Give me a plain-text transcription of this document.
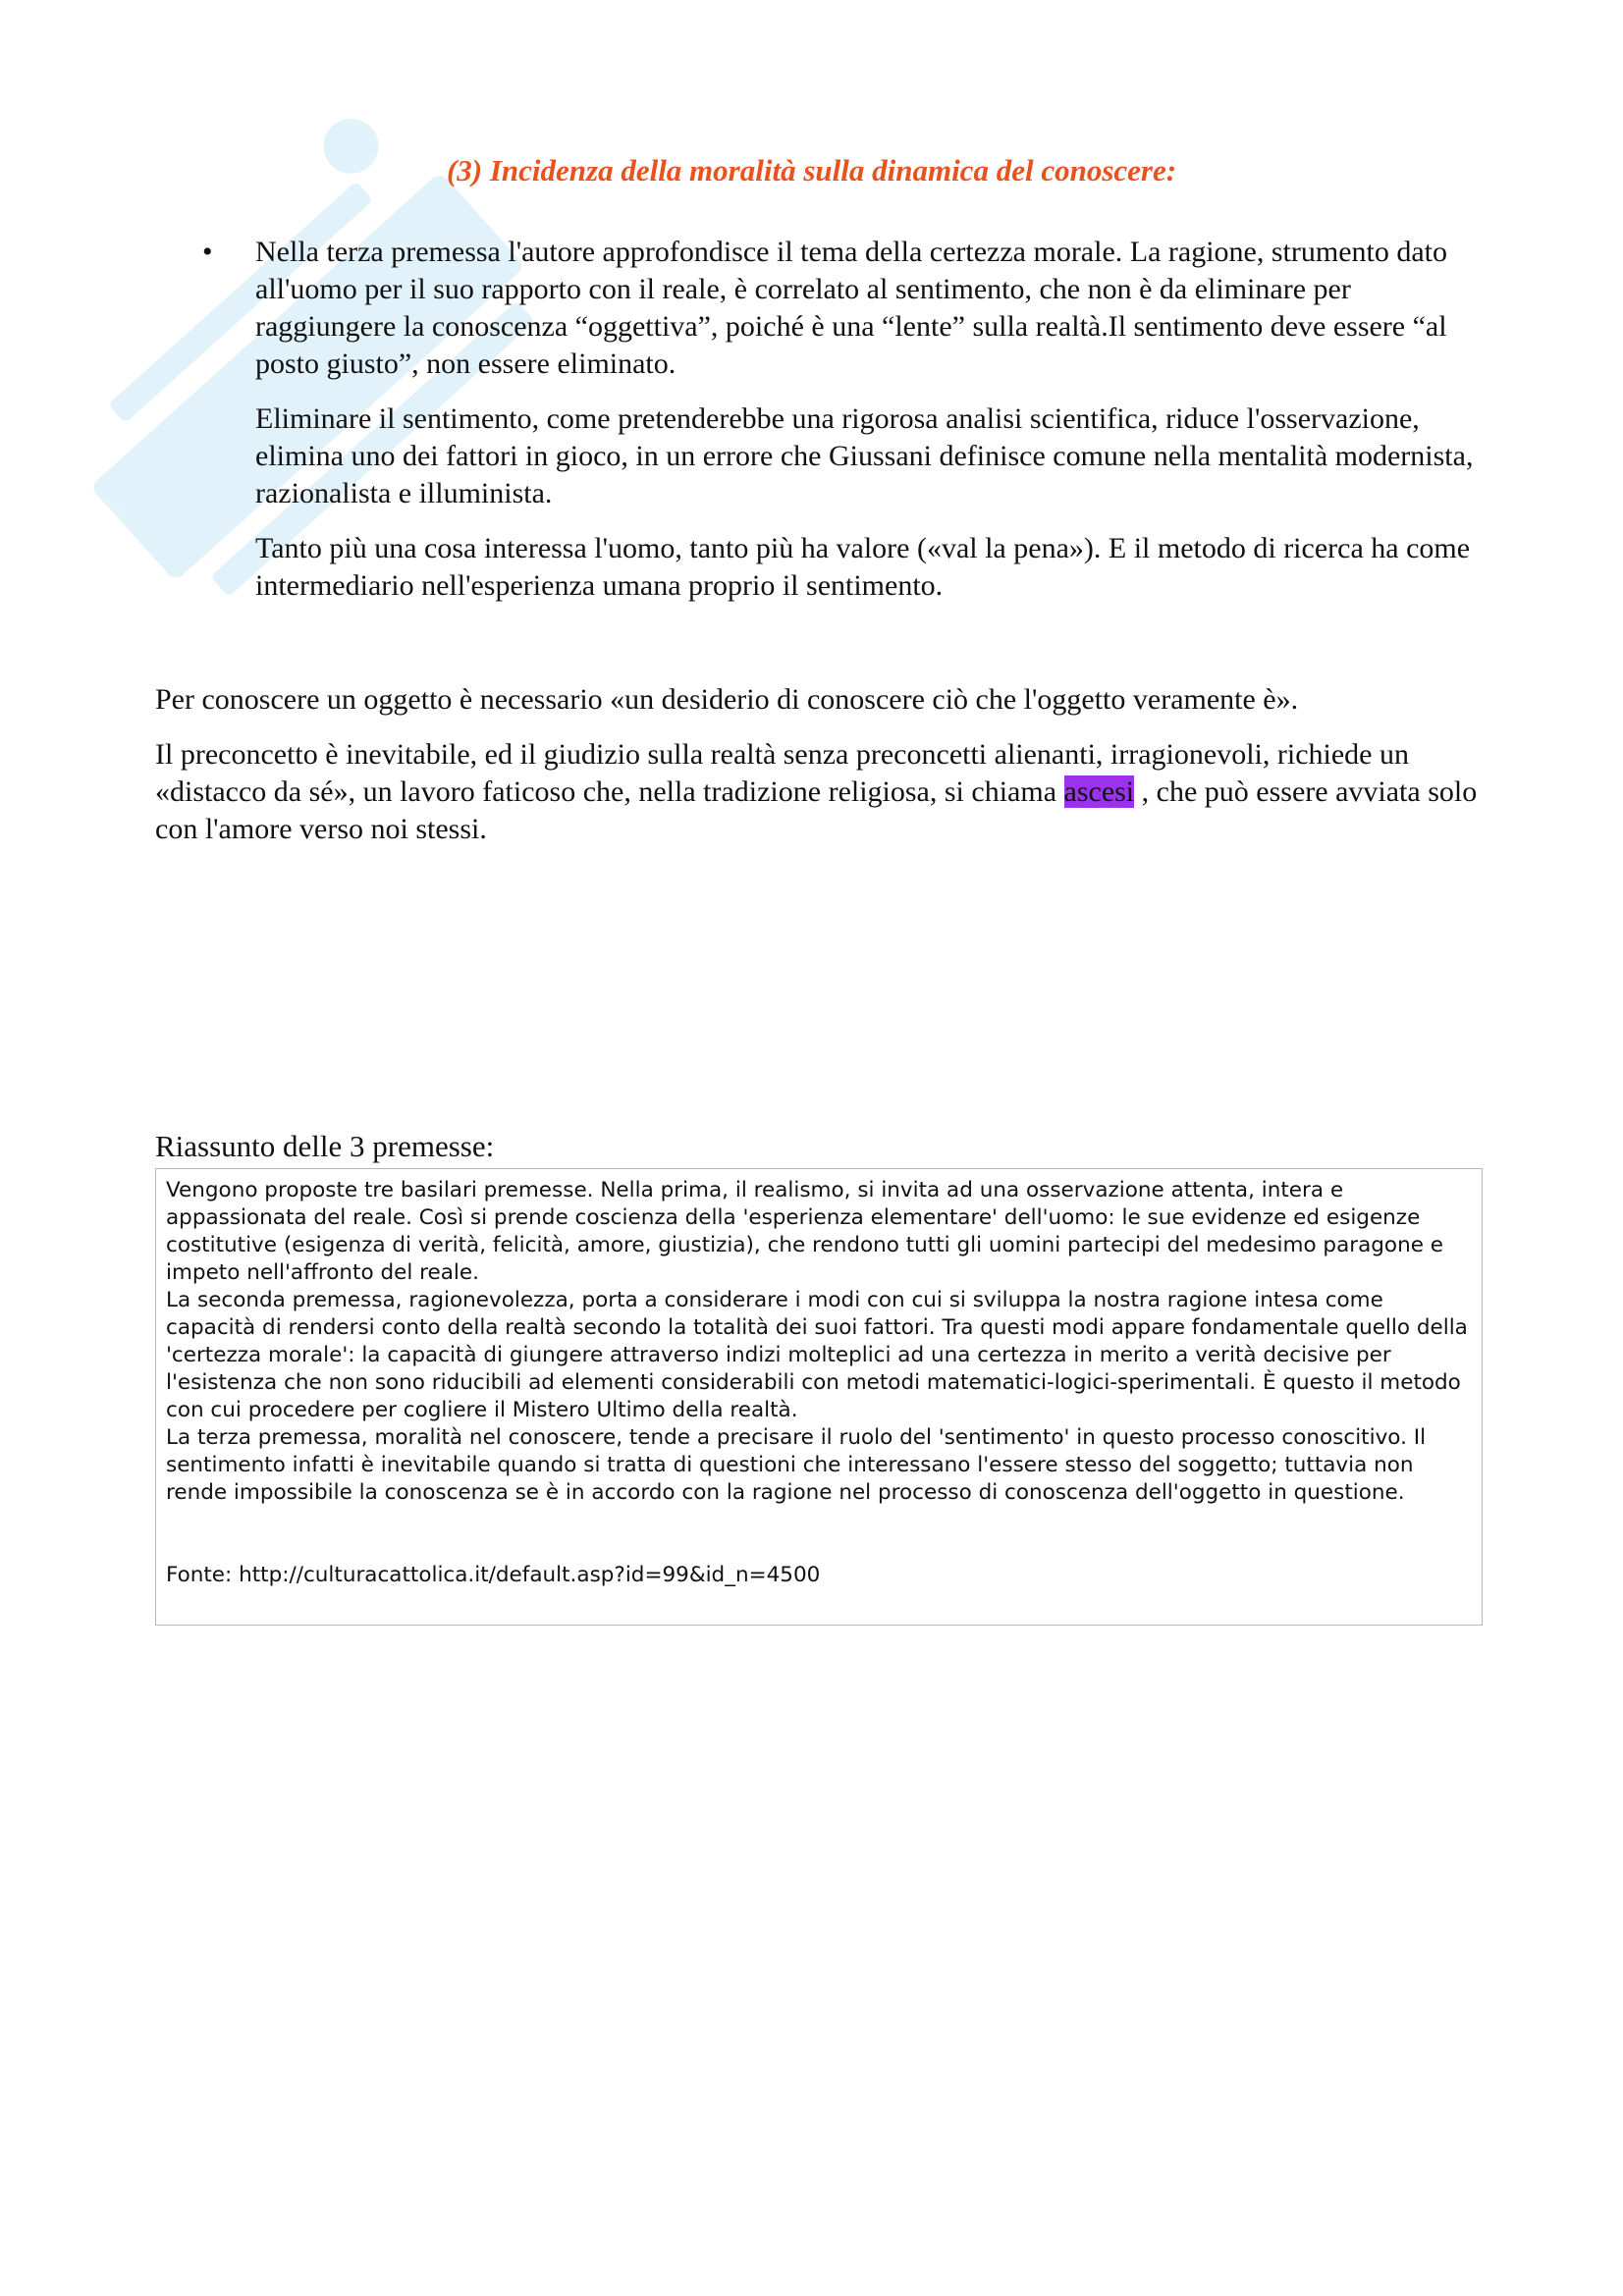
(3) Incidenza della moralità sulla dinamica del conoscere:
• Nella terza premessa l'autore approfondisce il tema della certezza morale. La ragione, strumento dato all'uomo per il suo rapporto con il reale, è correlato al sentimento, che non è da eliminare per raggiungere la conoscenza “oggettiva”, poiché è una “lente” sulla realtà.Il sentimento deve essere “al posto giusto”, non essere eliminato.

Eliminare il sentimento, come pretenderebbe una rigorosa analisi scientifica, riduce l'osservazione, elimina uno dei fattori in gioco, in un errore che Giussani definisce comune nella mentalità modernista, razionalista e illuminista.

Tanto più una cosa interessa l'uomo, tanto più ha valore («val la pena»). E il metodo di ricerca ha come intermediario nell'esperienza umana proprio il sentimento.

Per conoscere un oggetto è necessario «un desiderio di conoscere ciò che l'oggetto veramente è».

Il preconcetto è inevitabile, ed il giudizio sulla realtà senza preconcetti alienanti, irragionevoli, richiede un «distacco da sé», un lavoro faticoso che, nella tradizione religiosa, si chiama ascesi , che può essere avviata solo con l'amore verso noi stessi.

Riassunto delle 3 premesse:

Vengono proposte tre basilari premesse. Nella prima, il realismo, si invita ad una osservazione attenta, intera e appassionata del reale. Così si prende coscienza della 'esperienza elementare' dell'uomo: le sue evidenze ed esigenze costitutive (esigenza di verità, felicità, amore, giustizia), che rendono tutti gli uomini partecipi del medesimo paragone e impeto nell'affronto del reale.

La seconda premessa, ragionevolezza, porta a considerare i modi con cui si sviluppa la nostra ragione intesa come capacità di rendersi conto della realtà secondo la totalità dei suoi fattori. Tra questi modi appare fondamentale quello della 'certezza morale': la capacità di giungere attraverso indizi molteplici ad una certezza in merito a verità decisive per l'esistenza che non sono riducibili ad elementi considerabili con metodi matematici-logici-sperimentali. È questo il metodo con cui procedere per cogliere il Mistero Ultimo della realtà.

La terza premessa, moralità nel conoscere, tende a precisare il ruolo del 'sentimento' in questo processo conoscitivo. Il sentimento infatti è inevitabile quando si tratta di questioni che interessano l'essere stesso del soggetto; tuttavia non rende impossibile la conoscenza se è in accordo con la ragione nel processo di conoscenza dell'oggetto in questione.

Fonte: http://culturacattolica.it/default.asp?id=99&id_n=4500
